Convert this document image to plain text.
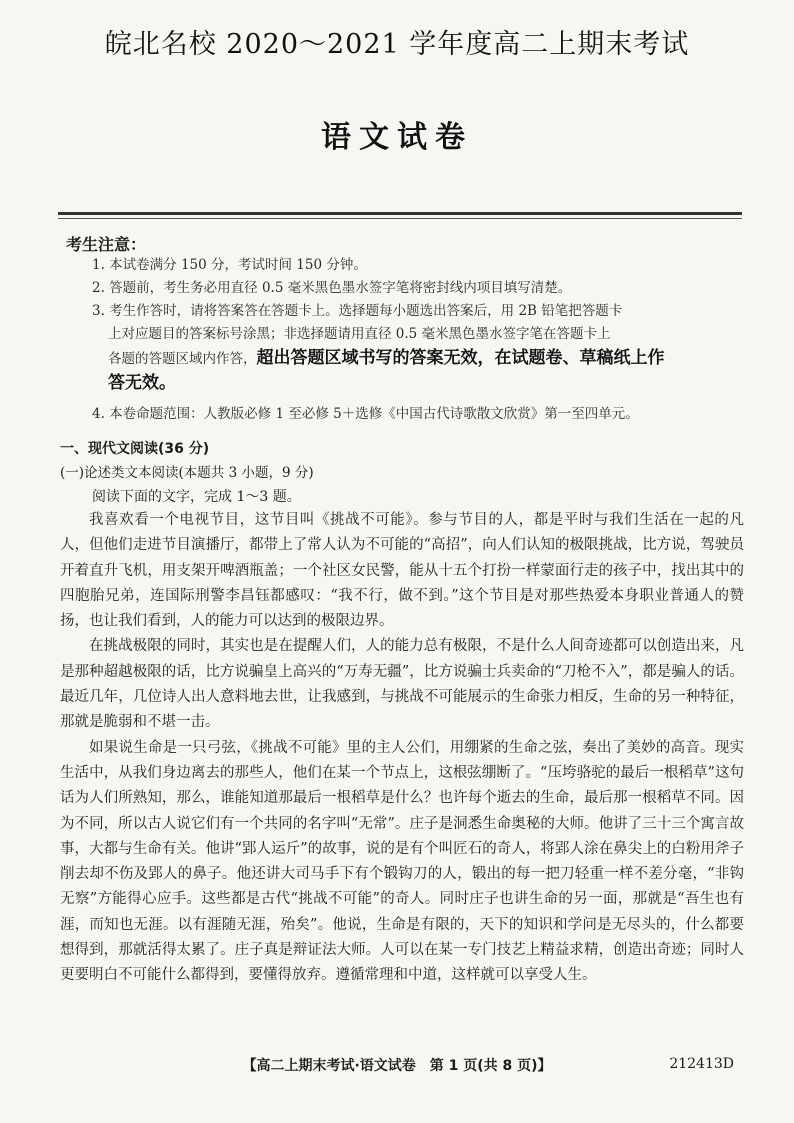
皖北名校 2020～2021 学年度高二上期末考试
语文试卷
考生注意：

1. 本试卷满分 150 分，考试时间 150 分钟。

2. 答题前，考生务必用直径 0.5 毫米黑色墨水签字笔将密封线内项目填写清楚。

3. 考生作答时，请将答案答在答题卡上。选择题每小题选出答案后，用 2B 铅笔把答题卡

上对应题目的答案标号涂黑；非选择题请用直径 0.5 毫米黑色墨水签字笔在答题卡上

各题的答题区域内作答，超出答题区域书写的答案无效，在试题卷、草稿纸上作

答无效。

4. 本卷命题范围：人教版必修 1 至必修 5＋选修《中国古代诗歌散文欣赏》第一至四单元。

一、现代文阅读(36 分)
(一)论述类文本阅读(本题共 3 小题，9 分)
阅读下面的文字，完成 1～3 题。

我喜欢看一个电视节目，这节目叫《挑战不可能》。参与节目的人，都是平时与我们生活在一起的凡人，但他们走进节目演播厅，都带上了常人认为不可能的“高招”，向人们认知的极限挑战，比方说，驾驶员开着直升飞机，用支架开啤酒瓶盖；一个社区女民警，能从十五个打扮一样蒙面行走的孩子中，找出其中的四胞胎兄弟，连国际刑警李昌钰都感叹：“我不行，做不到。”这个节目是对那些热爱本身职业普通人的赞扬，也让我们看到，人的能力可以达到的极限边界。

在挑战极限的同时，其实也是在提醒人们，人的能力总有极限，不是什么人间奇迹都可以创造出来，凡是那种超越极限的话，比方说骗皇上高兴的“万寿无疆”，比方说骗士兵卖命的“刀枪不入”，都是骗人的话。最近几年，几位诗人出人意料地去世，让我感到，与挑战不可能展示的生命张力相反，生命的另一种特征，那就是脆弱和不堪一击。

如果说生命是一只弓弦，《挑战不可能》里的主人公们，用绷紧的生命之弦，奏出了美妙的高音。现实生活中，从我们身边离去的那些人，他们在某一个节点上，这根弦绷断了。“压垮骆驼的最后一根稻草”这句话为人们所熟知，那么，谁能知道那最后一根稻草是什么？也许每个逝去的生命，最后那一根稻草不同。因为不同，所以古人说它们有一个共同的名字叫“无常”。庄子是洞悉生命奥秘的大师。他讲了三十三个寓言故事，大都与生命有关。他讲“郢人运斤”的故事，说的是有个叫匠石的奇人，将郢人涂在鼻尖上的白粉用斧子削去却不伤及郢人的鼻子。他还讲大司马手下有个锻钩刀的人，锻出的每一把刀轻重一样不差分毫，“非钩无察”方能得心应手。这些都是古代“挑战不可能”的奇人。同时庄子也讲生命的另一面，那就是“吾生也有涯，而知也无涯。以有涯随无涯，殆矣”。他说，生命是有限的，天下的知识和学问是无尽头的，什么都要想得到，那就活得太累了。庄子真是辩证法大师。人可以在某一专门技艺上精益求精，创造出奇迹；同时人更要明白不可能什么都得到，要懂得放弃。遵循常理和中道，这样就可以享受人生。

【高二上期末考试·语文试卷　第 1 页(共 8 页)】	212413D
